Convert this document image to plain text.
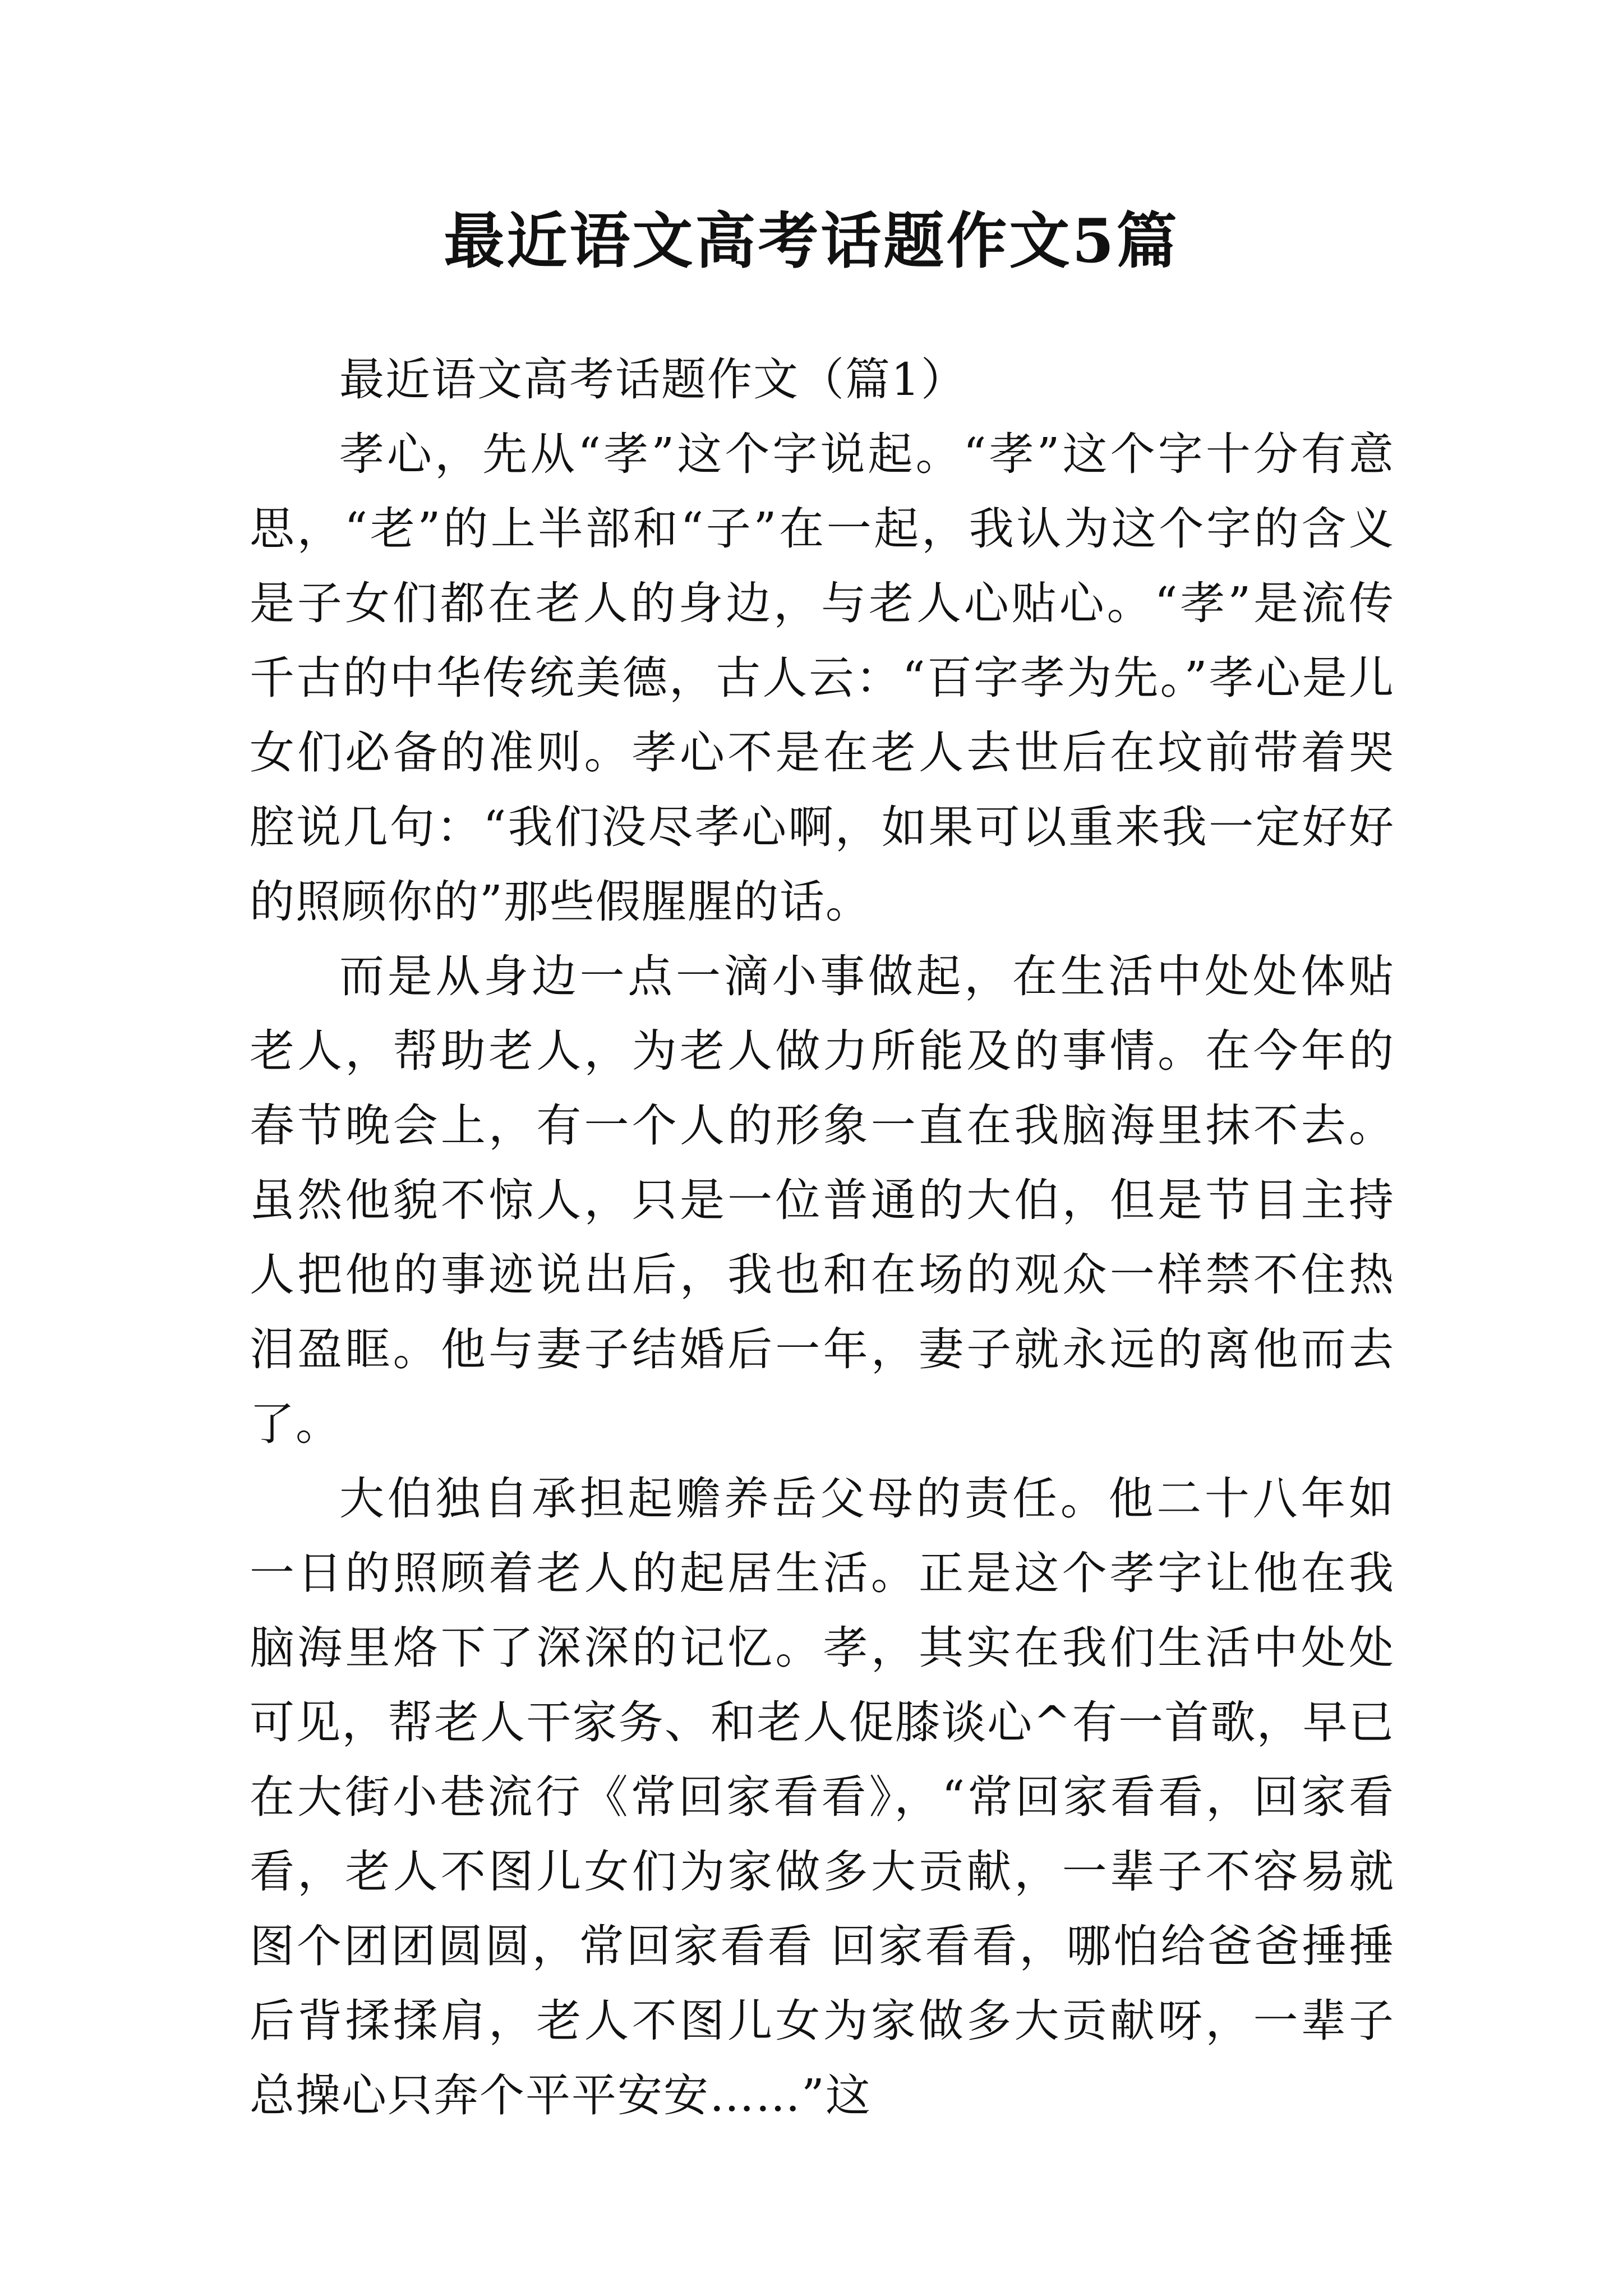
最近语文高考话题作文5篇

最近语文高考话题作文（篇1）

孝心，先从“孝”这个字说起。“孝”这个字十分有意思，“老”的上半部和“子”在一起，我认为这个字的含义是子女们都在老人的身边，与老人心贴心。“孝”是流传千古的中华传统美德，古人云：“百字孝为先。”孝心是儿女们必备的准则。孝心不是在老人去世后在坟前带着哭腔说几句：“我们没尽孝心啊，如果可以重来我一定好好的照顾你的”那些假腥腥的话。

而是从身边一点一滴小事做起，在生活中处处体贴老人，帮助老人，为老人做力所能及的事情。在今年的春节晚会上，有一个人的形象一直在我脑海里抹不去。虽然他貌不惊人，只是一位普通的大伯，但是节目主持人把他的事迹说出后，我也和在场的观众一样禁不住热泪盈眶。他与妻子结婚后一年，妻子就永远的离他而去了。

大伯独自承担起赡养岳父母的责任。他二十八年如一日的照顾着老人的起居生活。正是这个孝字让他在我脑海里烙下了深深的记忆。孝，其实在我们生活中处处可见，帮老人干家务、和老人促膝谈心^有一首歌，早已在大街小巷流行《常回家看看》，“常回家看看，回家看看，老人不图儿女们为家做多大贡献，一辈子不容易就图个团团圆圆，常回家看看 回家看看，哪怕给爸爸捶捶后背揉揉肩，老人不图儿女为家做多大贡献呀，一辈子总操心只奔个平平安安……”这
